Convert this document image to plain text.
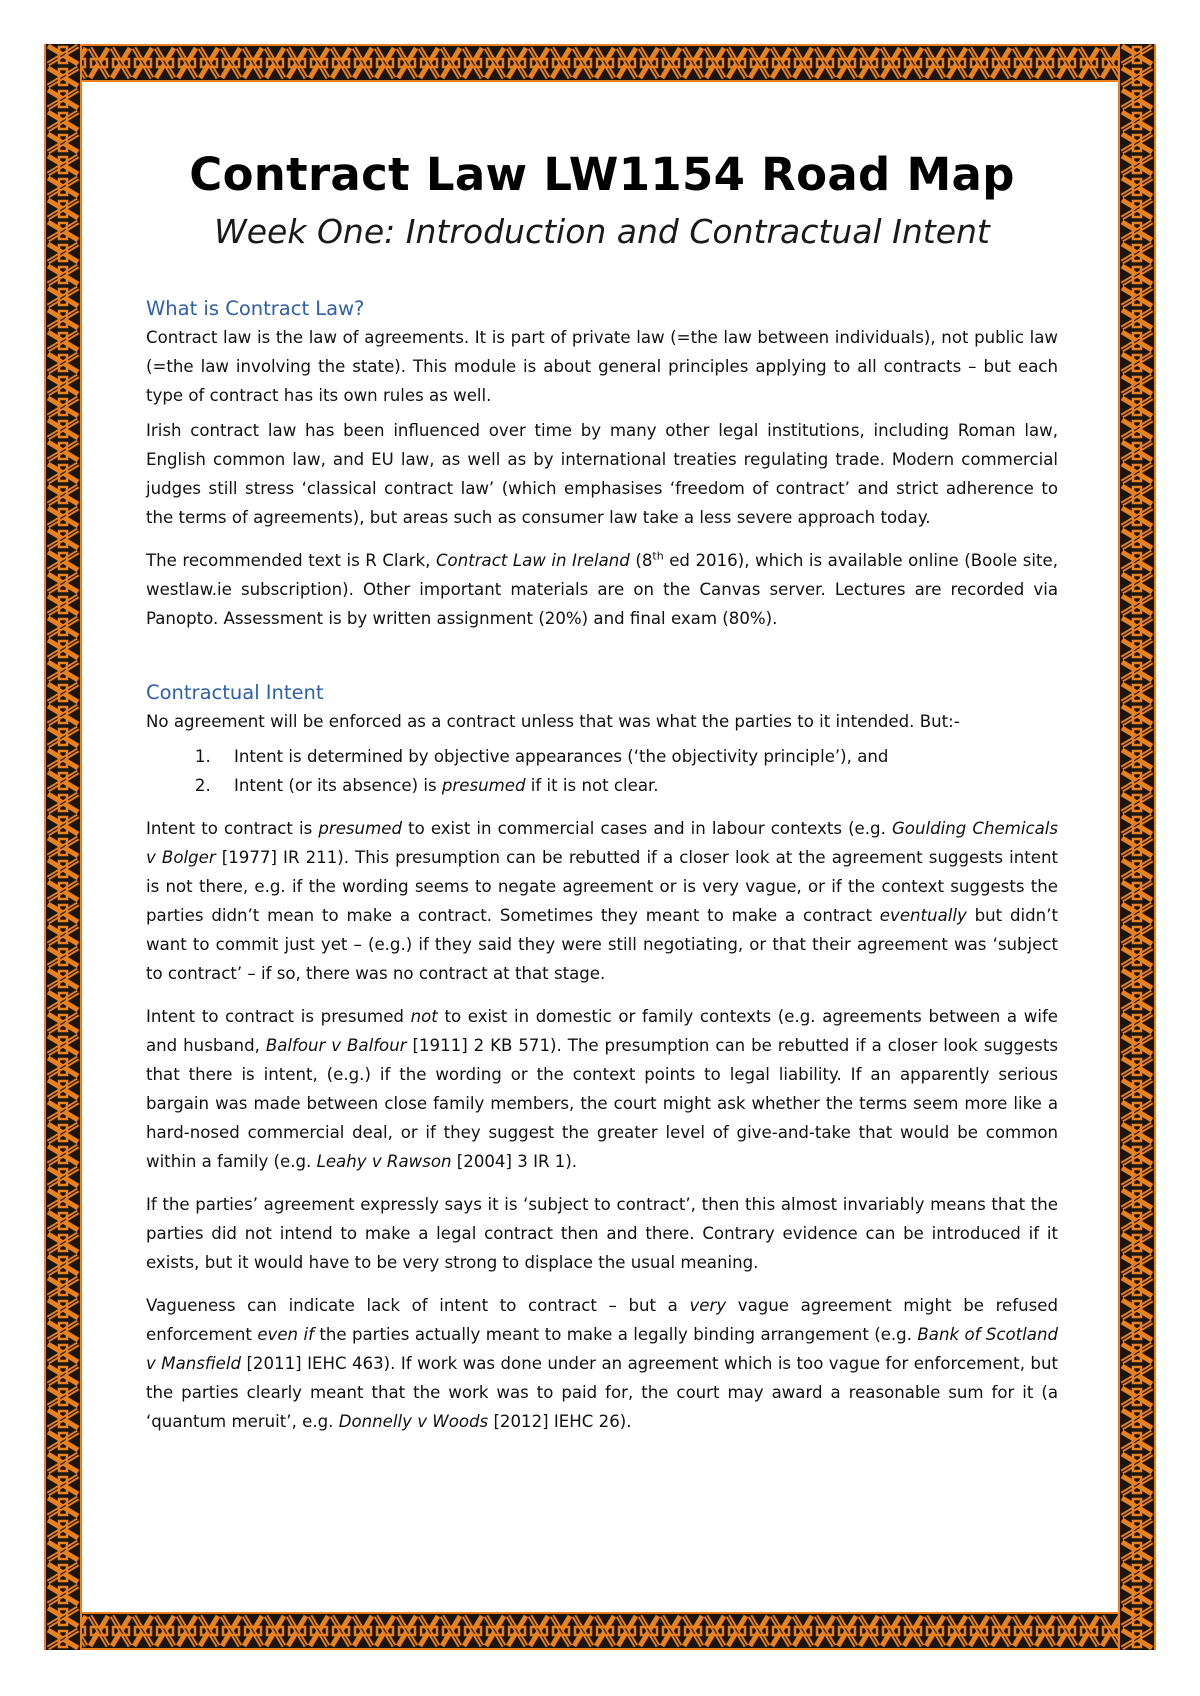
Contract Law LW1154 Road Map
Week One: Introduction and Contractual Intent
What is Contract Law?

Contract law is the law of agreements. It is part of private law (=the law between individuals), not public law (=the law involving the state). This module is about general principles applying to all contracts – but each type of contract has its own rules as well.

Irish contract law has been influenced over time by many other legal institutions, including Roman law, English common law, and EU law, as well as by international treaties regulating trade. Modern commercial judges still stress ‘classical contract law’ (which emphasises ‘freedom of contract’ and strict adherence to the terms of agreements), but areas such as consumer law take a less severe approach today.

The recommended text is R Clark, Contract Law in Ireland (8th ed 2016), which is available online (Boole site, westlaw.ie subscription). Other important materials are on the Canvas server. Lectures are recorded via Panopto. Assessment is by written assignment (20%) and final exam (80%).

Contractual Intent

No agreement will be enforced as a contract unless that was what the parties to it intended. But:-

1. Intent is determined by objective appearances (‘the objectivity principle’), and
2. Intent (or its absence) is presumed if it is not clear.

Intent to contract is presumed to exist in commercial cases and in labour contexts (e.g. Goulding Chemicals v Bolger [1977] IR 211). This presumption can be rebutted if a closer look at the agreement suggests intent is not there, e.g. if the wording seems to negate agreement or is very vague, or if the context suggests the parties didn’t mean to make a contract. Sometimes they meant to make a contract eventually but didn’t want to commit just yet – (e.g.) if they said they were still negotiating, or that their agreement was ‘subject to contract’ – if so, there was no contract at that stage.

Intent to contract is presumed not to exist in domestic or family contexts (e.g. agreements between a wife and husband, Balfour v Balfour [1911] 2 KB 571). The presumption can be rebutted if a closer look suggests that there is intent, (e.g.) if the wording or the context points to legal liability. If an apparently serious bargain was made between close family members, the court might ask whether the terms seem more like a hard-nosed commercial deal, or if they suggest the greater level of give-and-take that would be common within a family (e.g. Leahy v Rawson [2004] 3 IR 1).

If the parties’ agreement expressly says it is ‘subject to contract’, then this almost invariably means that the parties did not intend to make a legal contract then and there. Contrary evidence can be introduced if it exists, but it would have to be very strong to displace the usual meaning.

Vagueness can indicate lack of intent to contract – but a very vague agreement might be refused enforcement even if the parties actually meant to make a legally binding arrangement (e.g. Bank of Scotland v Mansfield [2011] IEHC 463). If work was done under an agreement which is too vague for enforcement, but the parties clearly meant that the work was to paid for, the court may award a reasonable sum for it (a ‘quantum meruit’, e.g. Donnelly v Woods [2012] IEHC 26).
